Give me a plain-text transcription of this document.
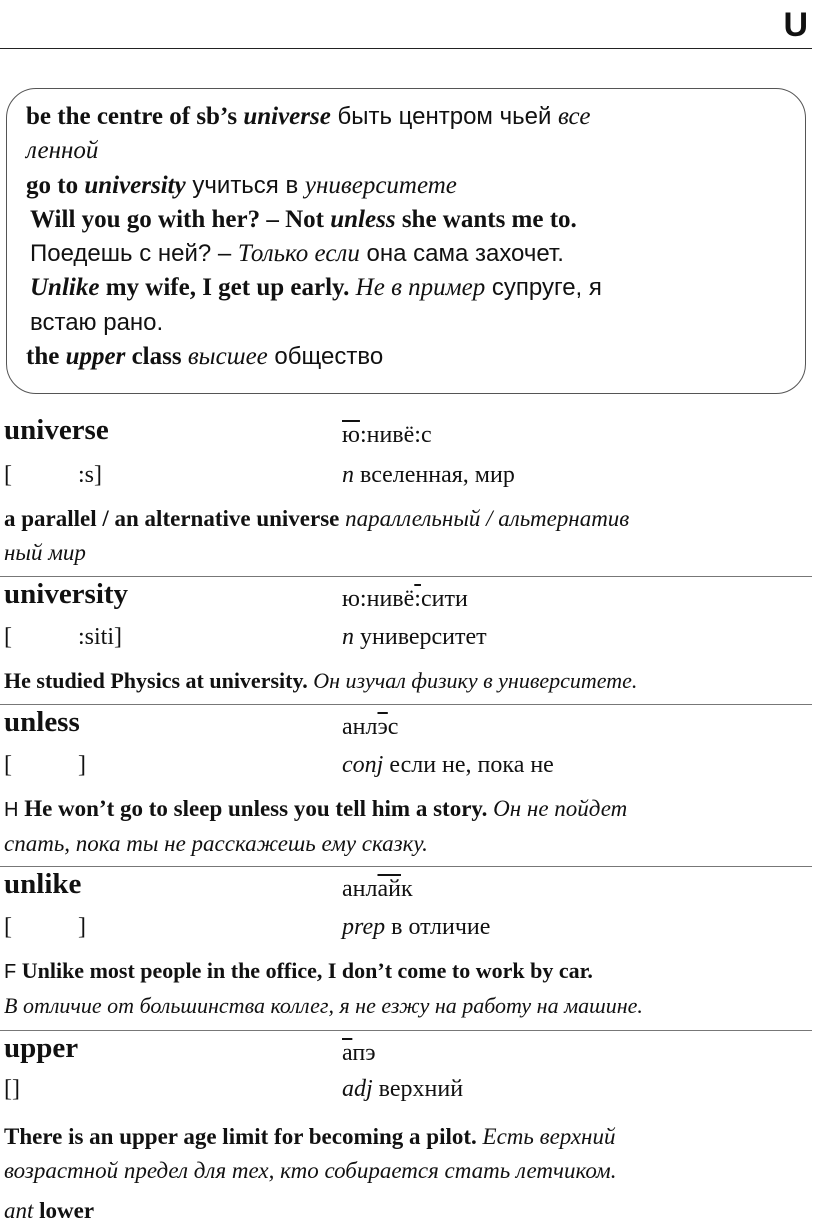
U
be the centre of sb’s universe быть центром чьей все
ленной
go to university учиться в университете
Will you go with her? – Not unless she wants me to.
Поедешь с ней? – Только если она сама захочет.
Unlike my wife, I get up early. Не в пример супруге, я
встаю рано.
the upper class высшее общество
universe	ю:нивё:с
[           :s]	n вселенная, мир
a parallel / an alternative universe параллельный / альтернатив
ный мир
university	ю:нивё:сити
[           :siti]	n университет
He studied Physics at university. Он изучал физику в университете.
unless	анлэс
[           ]	conj если не, пока не
H He won’t go to sleep unless you tell him a story. Он не пойдет
спать, пока ты не расскажешь ему сказку.
unlike	анлайк
[           ]	prep в отличие
F Unlike most people in the office, I don’t come to work by car.
В отличие от большинства коллег, я не езжу на работу на машине.
upper	апэ
[]	adj верхний
There is an upper age limit for becoming a pilot. Есть верхний
возрастной предел для тех, кто собирается стать летчиком.
ant lower
